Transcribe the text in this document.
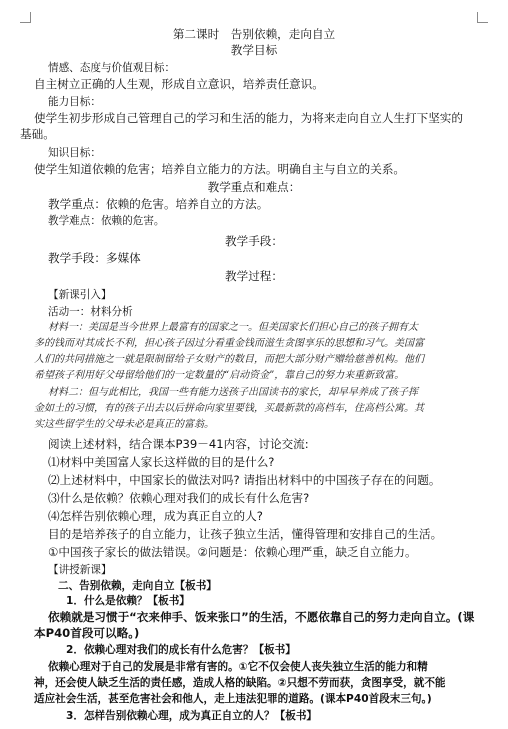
第二课时　告别依赖，走向自立
教学目标
情感、态度与价值观目标：
自主树立正确的人生观，形成自立意识，培养责任意识。
能力目标：
使学生初步形成自己管理自己的学习和生活的能力，为将来走向自立人生打下坚实的
基础。
知识目标：
使学生知道依赖的危害；培养自立能力的方法。明确自主与自立的关系。
教学重点和难点：
教学重点：依赖的危害。培养自立的方法。
教学难点：依赖的危害。
教学手段：
教学手段：多媒体
教学过程：
【新课引入】
活动一：材料分析
材料一：美国是当今世界上最富有的国家之一。但美国家长们担心自己的孩子拥有太
多的钱而对其成长不利，担心孩子因过分看重金钱而滋生贪图享乐的思想和习气。美国富
人们的共同措施之一就是限制留给子女财产的数目，而把大部分财产赠给慈善机构。他们
希望孩子利用好父母留给他们的一定数量的“启动资金”，靠自己的努力来重新致富。
材料二：但与此相比，我国一些有能力送孩子出国读书的家长，却早早养成了孩子挥
金如土的习惯，有的孩子出去以后拼命向家里要钱，买最新款的高档车，住高档公寓。其
实这些留学生的父母未必是真正的富翁。
阅读上述材料，结合课本P39－41内容，讨论交流:
⑴材料中美国富人家长这样做的目的是什么?
⑵上述材料中，中国家长的做法对吗? 请指出材料中的中国孩子存在的问题。
⑶什么是依赖？依赖心理对我们的成长有什么危害?
⑷怎样告别依赖心理，成为真正自立的人?
目的是培养孩子的自立能力，让孩子独立生活，懂得管理和安排自己的生活。
①中国孩子家长的做法错误。②问题是：依赖心理严重，缺乏自立能力。
【讲授新课】
二、告别依赖，走向自立【板书】
1．什么是依赖？【板书】
依赖就是习惯于“衣来伸手、饭来张口”的生活，不愿依靠自己的努力走向自立。(课
本P40首段可以略。)
2．依赖心理对我们的成长有什么危害？【板书】
依赖心理对于自己的发展是非常有害的。①它不仅会使人丧失独立生活的能力和精
神，还会使人缺乏生活的责任感，造成人格的缺陷。②只想不劳而获，贪图享受，就不能
适应社会生活，甚至危害社会和他人，走上违法犯罪的道路。(课本P40首段末三句。)
3．怎样告别依赖心理，成为真正自立的人？【板书】
